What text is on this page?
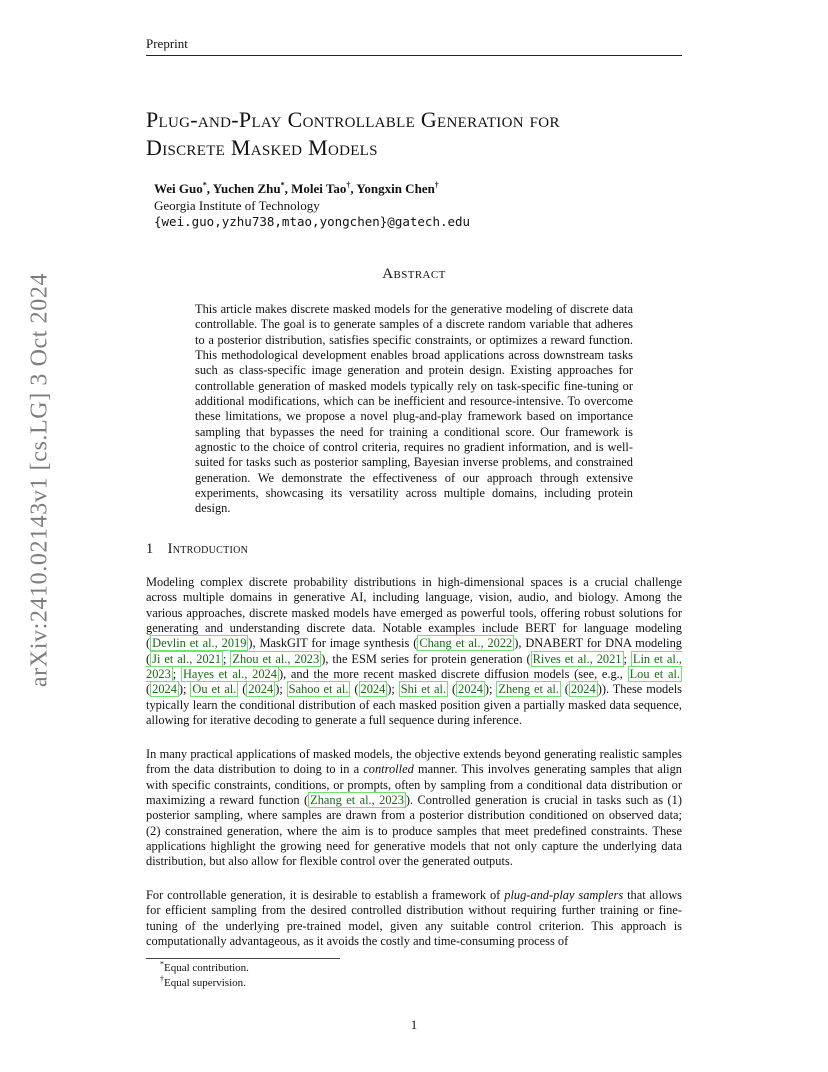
Preprint
Plug-and-Play Controllable Generation for
Discrete Masked Models
Wei Guo*, Yuchen Zhu*, Molei Tao†, Yongxin Chen†
Georgia Institute of Technology
{wei.guo,yzhu738,mtao,yongchen}@gatech.edu
Abstract
This article makes discrete masked models for the generative modeling of discrete data controllable. The goal is to generate samples of a discrete random variable that adheres to a posterior distribution, satisfies specific constraints, or optimizes a reward function. This methodological development enables broad applications across downstream tasks such as class-specific image generation and protein design. Existing approaches for controllable generation of masked models typically rely on task-specific fine-tuning or additional modifications, which can be inefficient and resource-intensive. To overcome these limitations, we propose a novel plug-and-play framework based on importance sampling that bypasses the need for training a conditional score. Our framework is agnostic to the choice of control criteria, requires no gradient information, and is well-suited for tasks such as posterior sampling, Bayesian inverse problems, and constrained generation. We demonstrate the effectiveness of our approach through extensive experiments, showcasing its versatility across multiple domains, including protein design.
1 Introduction
Modeling complex discrete probability distributions in high-dimensional spaces is a crucial challenge across multiple domains in generative AI, including language, vision, audio, and biology. Among the various approaches, discrete masked models have emerged as powerful tools, offering robust solutions for generating and understanding discrete data. Notable examples include BERT for language modeling ( Devlin et al., 2019 ), MaskGIT for image synthesis ( Chang et al., 2022 ), DNABERT for DNA modeling ( Ji et al., 2021 ; Zhou et al., 2023 ), the ESM series for protein generation ( Rives et al., 2021 ; Lin et al., 2023 ; Hayes et al., 2024 ), and the more recent masked discrete diffusion models (see, e.g., Lou et al. ( 2024 ); Ou et al. ( 2024 ); Sahoo et al. ( 2024 ); Shi et al. ( 2024 ); Zheng et al. ( 2024 )). These models typically learn the conditional distribution of each masked position given a partially masked data sequence, allowing for iterative decoding to generate a full sequence during inference.
In many practical applications of masked models, the objective extends beyond generating realistic samples from the data distribution to doing to in a controlled manner. This involves generating samples that align with specific constraints, conditions, or prompts, often by sampling from a conditional data distribution or maximizing a reward function ( Zhang et al., 2023 ). Controlled generation is crucial in tasks such as (1) posterior sampling, where samples are drawn from a posterior distribution conditioned on observed data; (2) constrained generation, where the aim is to produce samples that meet predefined constraints. These applications highlight the growing need for generative models that not only capture the underlying data distribution, but also allow for flexible control over the generated outputs.
For controllable generation, it is desirable to establish a framework of plug-and-play samplers that allows for efficient sampling from the desired controlled distribution without requiring further training or fine-tuning of the underlying pre-trained model, given any suitable control criterion. This approach is computationally advantageous, as it avoids the costly and time-consuming process of
*Equal contribution.
†Equal supervision.
1
arXiv:2410.02143v1 [cs.LG] 3 Oct 2024
